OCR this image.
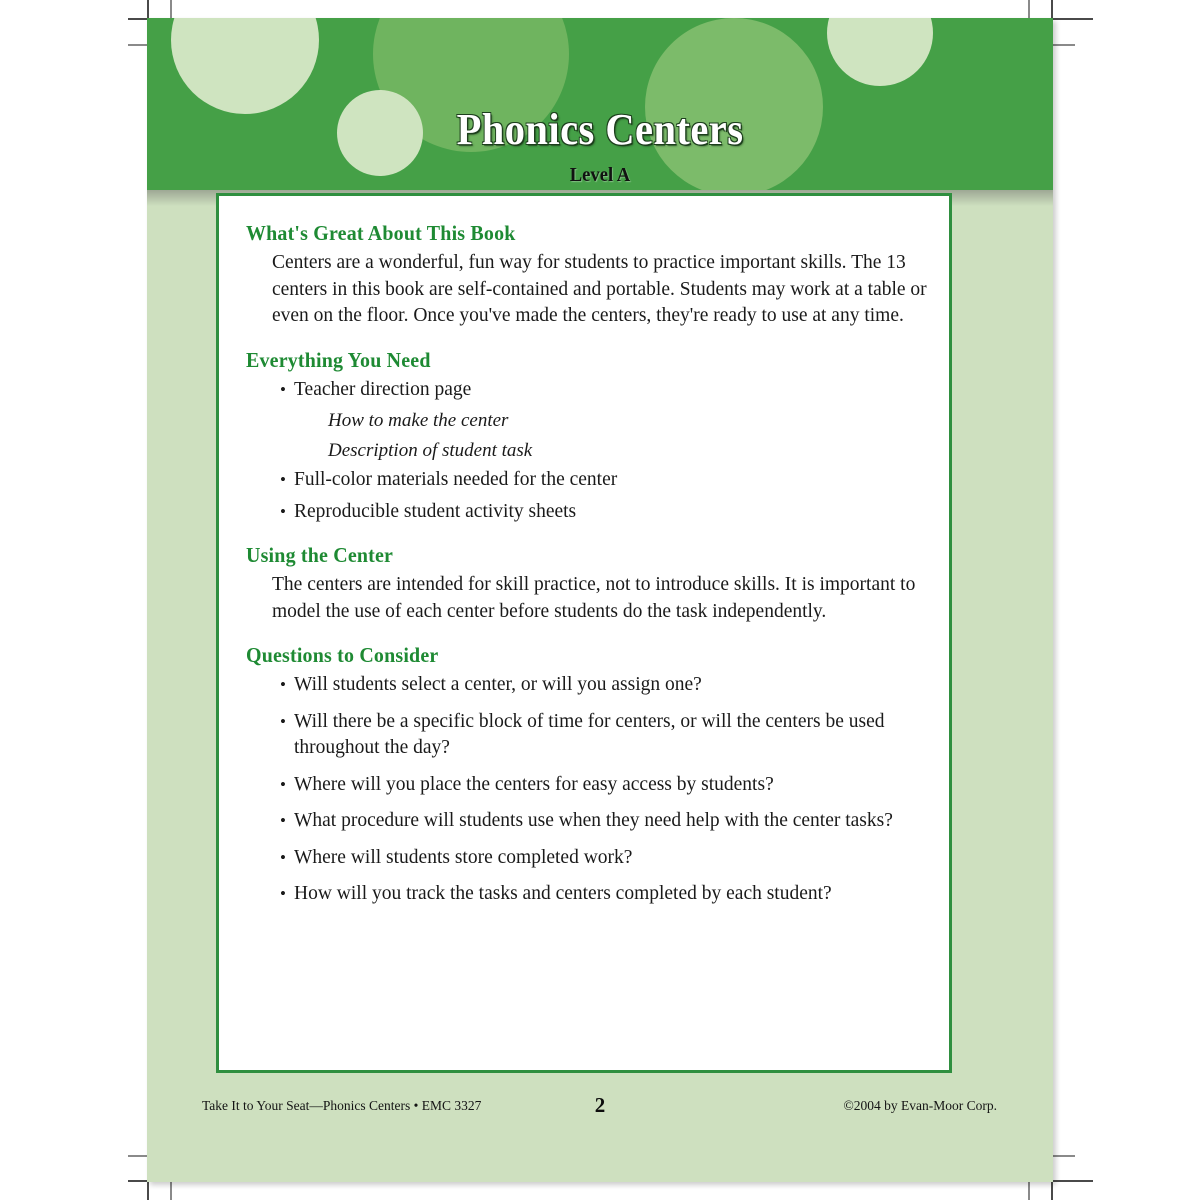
Phonics Centers
Level A
What's Great About This Book

Centers are a wonderful, fun way for students to practice important skills. The 13 centers in this book are self-contained and portable. Students may work at a table or even on the floor. Once you've made the centers, they're ready to use at any time.

Everything You Need
• Teacher direction page
How to make the center
Description of student task
• Full-color materials needed for the center
• Reproducible student activity sheets
Using the Center

The centers are intended for skill practice, not to introduce skills. It is important to model the use of each center before students do the task independently.

Questions to Consider
• Will students select a center, or will you assign one?
• Will there be a specific block of time for centers, or will the centers be used throughout the day?
• Where will you place the centers for easy access by students?
• What procedure will students use when they need help with the center tasks?
• Where will students store completed work?
• How will you track the tasks and centers completed by each student?
Take It to Your Seat—Phonics Centers • EMC 3327	2	©2004 by Evan-Moor Corp.
